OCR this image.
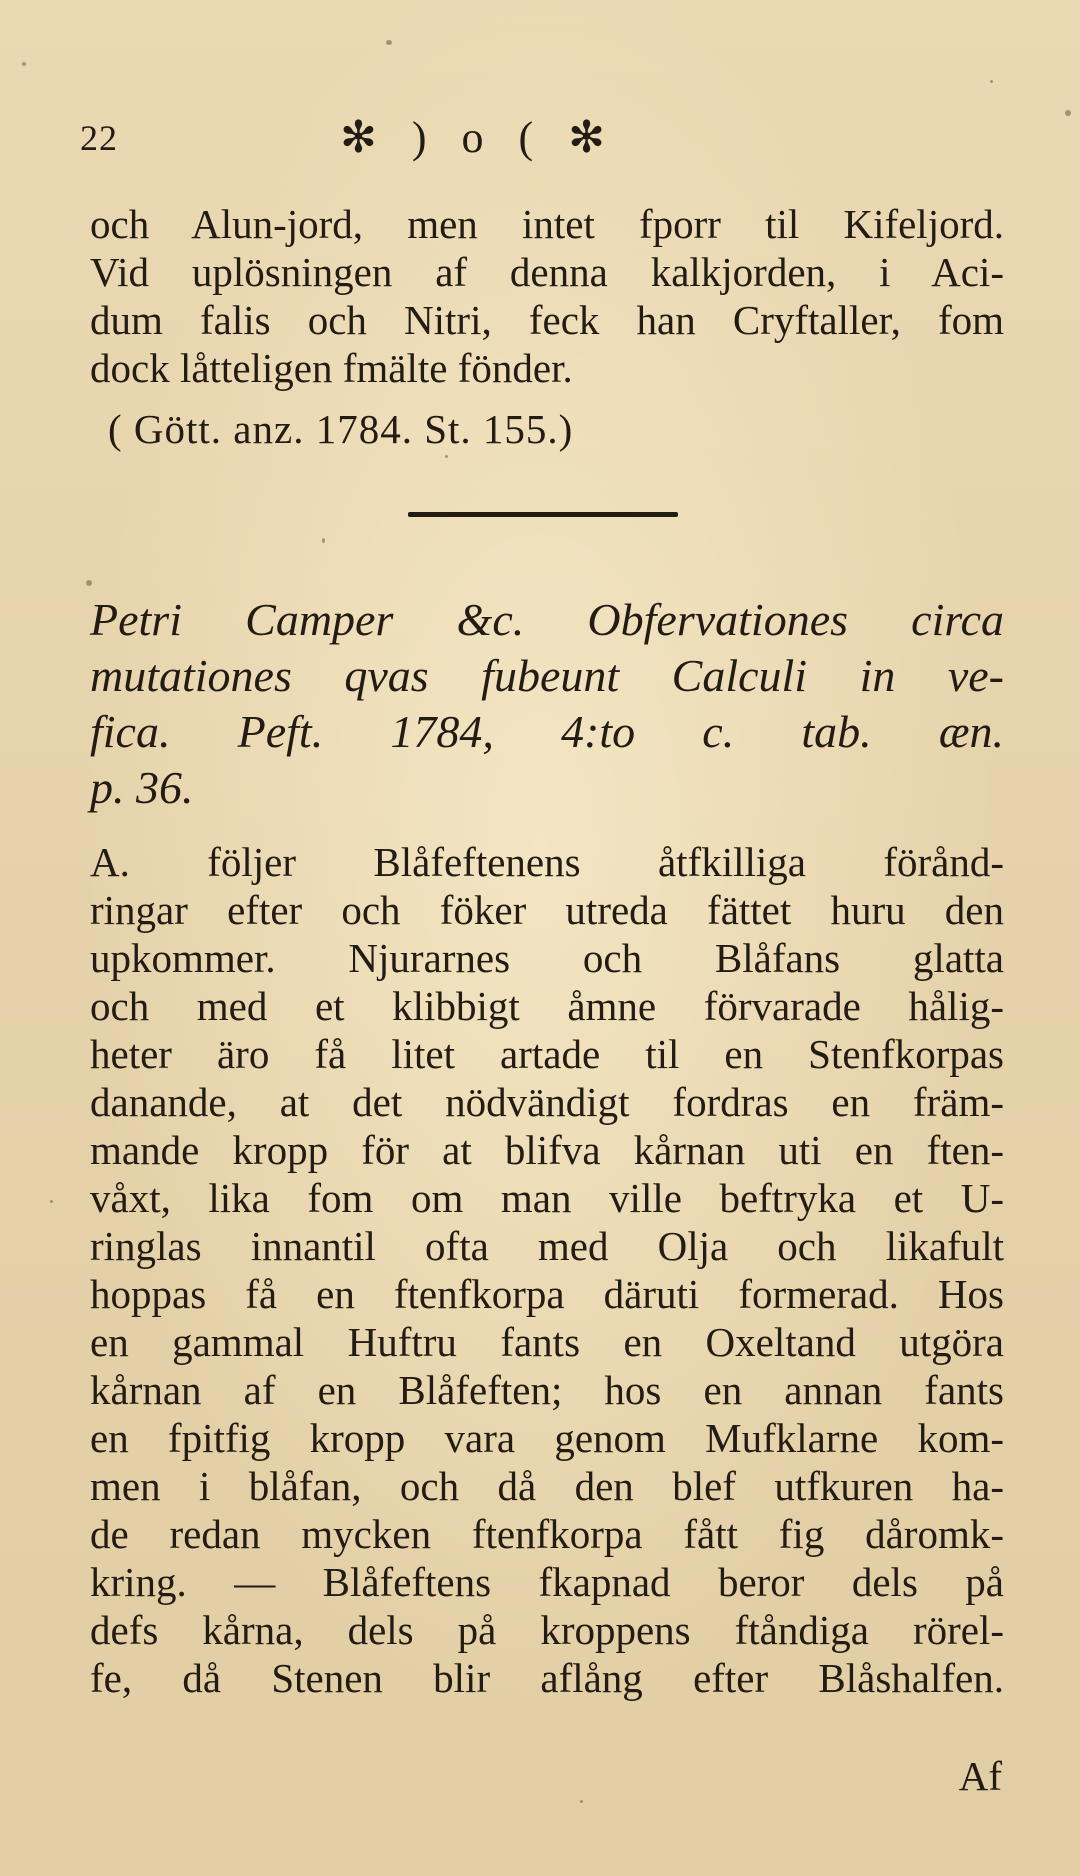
22	✻ ) o ( ✻
och Alun-jord, men intet fporr til Kifeljord.
Vid uplösningen af denna kalkjorden, i Aci-
dum falis och Nitri, feck han Cryftaller, fom
dock låtteligen fmälte fönder.
( Gött. anz. 1784. St. 155.)
Petri Camper &c. Obfervationes circa
mutationes qvas fubeunt Calculi in ve-
fica. Peft. 1784, 4:to c. tab. æn.
p. 36.
A. följer Blåfeftenens åtfkilliga förånd-
ringar efter och föker utreda fättet huru den
upkommer. Njurarnes och Blåfans glatta
och med et klibbigt åmne förvarade hålig-
heter äro få litet artade til en Stenfkorpas
danande, at det nödvändigt fordras en främ-
mande kropp för at blifva kårnan uti en ften-
våxt, lika fom om man ville beftryka et U-
ringlas innantil ofta med Olja och likafult
hoppas få en ftenfkorpa däruti formerad. Hos
en gammal Huftru fants en Oxeltand utgöra
kårnan af en Blåfeften; hos en annan fants
en fpitfig kropp vara genom Mufklarne kom-
men i blåfan, och då den blef utfkuren ha-
de redan mycken ftenfkorpa fått fig dåromk-
kring. — Blåfeftens fkapnad beror dels på
defs kårna, dels på kroppens ftåndiga rörel-
fe, då Stenen blir aflång efter Blåshalfen.
Af
